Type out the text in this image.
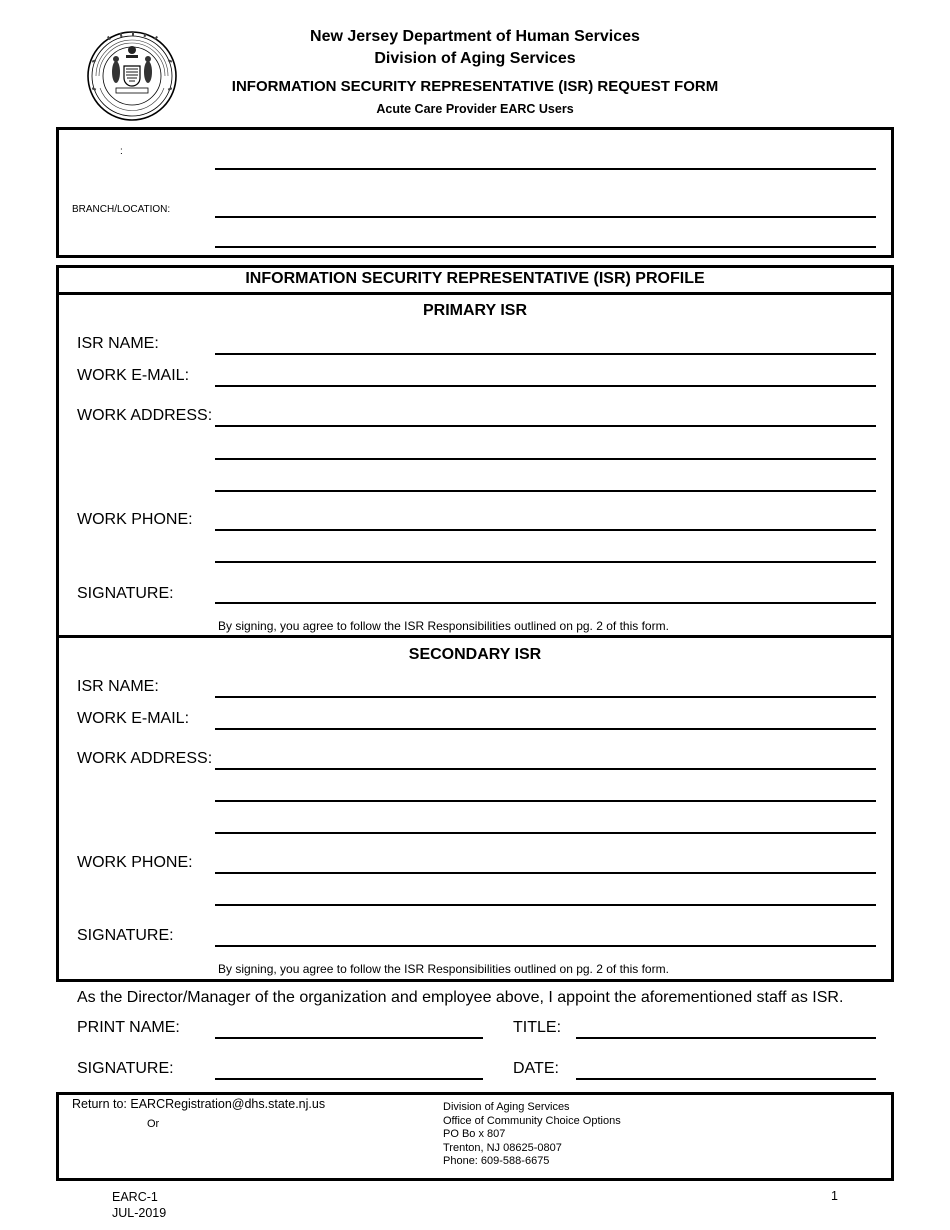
New Jersey Department of Human Services
Division of Aging Services
INFORMATION SECURITY REPRESENTATIVE (ISR) REQUEST FORM
Acute Care Provider EARC Users
:
BRANCH/LOCATION:
INFORMATION SECURITY REPRESENTATIVE (ISR) PROFILE
PRIMARY ISR
ISR NAME:
WORK E-MAIL:
WORK ADDRESS:
WORK PHONE:
SIGNATURE:
By signing, you agree to follow the ISR Responsibilities outlined on pg. 2 of this form.
SECONDARY ISR
ISR NAME:
WORK E-MAIL:
WORK ADDRESS:
WORK PHONE:
SIGNATURE:
By signing, you agree to follow the ISR Responsibilities outlined on pg. 2 of this form.
As the Director/Manager of the organization and employee above, I appoint the aforementioned staff as ISR.
PRINT NAME:	TITLE:
SIGNATURE:	DATE:
Return to: EARCRegistration@dhs.state.nj.us
Or
Division of Aging Services
Office of Community Choice Options
PO Bo x 807
Trenton, NJ 08625-0807
Phone: 609-588-6675
EARC-1
JUL-2019
1
